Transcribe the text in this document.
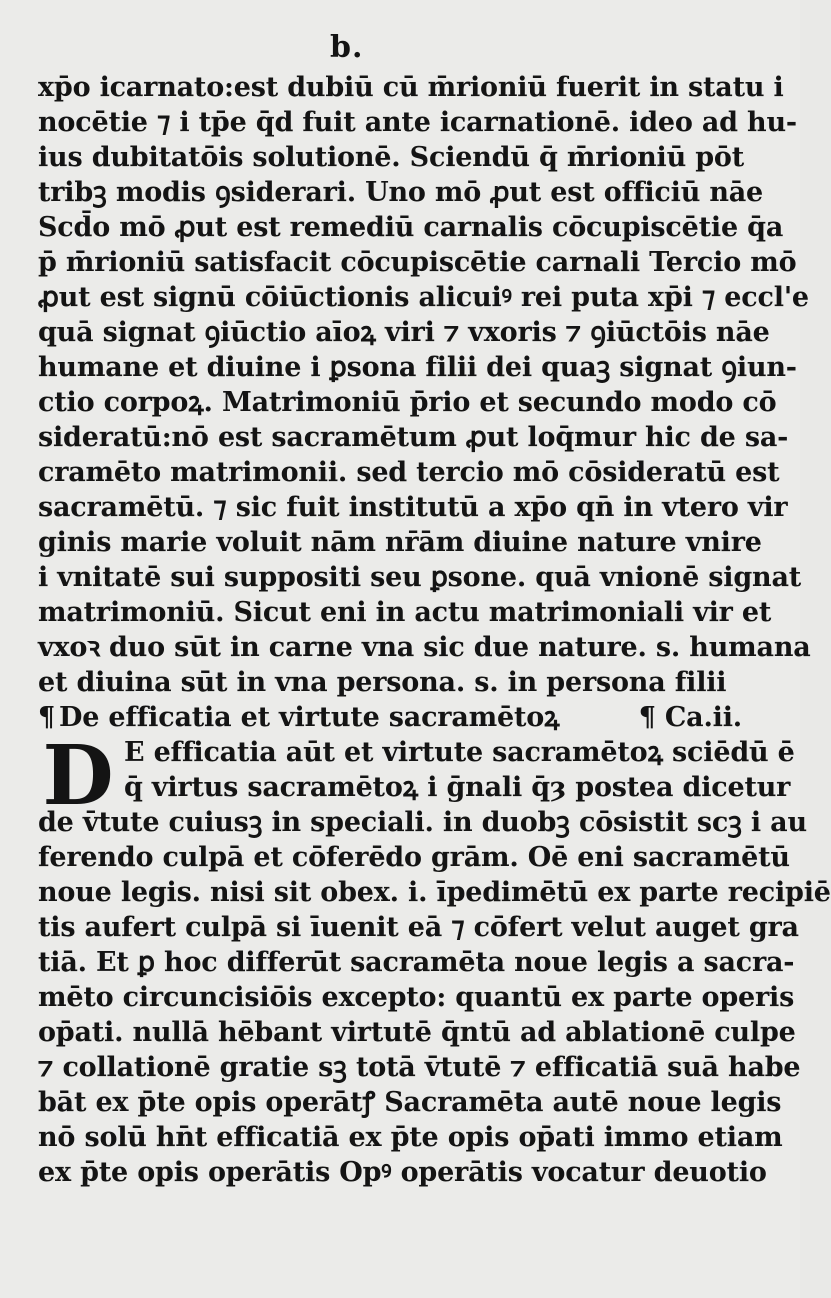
b.
xp̄o icarnato:est dubiū cū m̄rioniū fuerit in statu i
nocētie ⁊ i tp̄e q̄d fuit ante icarnationē. ideo ad hu-
ius dubitatōis solutionē. Sciendū q̄ m̄rioniū pōt
tribꝫ modis ꝯsiderari. Uno mō ꝓut est officiū nāe
Scd̄o mō ꝓut est remediū carnalis cōcupiscētie q̄a
p̄ m̄rioniū satisfacit cōcupiscētie carnali Tercio mō
ꝓut est signū cōiūctionis alicuiꝰ rei puta xp̄i ⁊ eccl'e
quā signat ꝯiūctio aīoꝝ viri ⁊ vxoris ⁊ ꝯiūctōis nāe
humane et diuine i ꝑsona filii dei quaꝫ signat ꝯiun-
ctio corpoꝝ. Matrimoniū p̄rio et secundo modo cō
sideratū:nō est sacramētum ꝓut loq̄mur hic de sa-
cramēto matrimonii. sed tercio mō cōsideratū est
sacramētū. ⁊ sic fuit institutū a xp̄o qn̄ in vtero vir
ginis marie voluit nām nr̄ām diuine nature vnire
i vnitatē sui suppositi seu ꝑsone. quā vnionē signat
matrimoniū. Sicut eni in actu matrimoniali vir et
vxoꝛ duo sūt in carne vna sic due nature. s. humana
et diuina sūt in vna persona. s. in persona filii
¶ De efficatia et virtute sacramētoꝝ	¶ Ca.ii.
D E efficatia aūt et virtute sacramētoꝝ sciēdū ē
q̄ virtus sacramētoꝝ i ḡnali q̄ȝ postea dicetur
de v̄tute cuiusꝫ in speciali. in duobꝫ cōsistit scꝫ i au
ferendo culpā et cōferēdo grām. Oē eni sacramētū
noue legis. nisi sit obex. i. īpedimētū ex parte recipiē
tis aufert culpā si īuenit eā ⁊ cōfert velut auget gra
tiā. Et ꝑ hoc differūt sacramēta noue legis a sacra-
mēto circuncisiōis excepto: quantū ex parte operis
op̄ati. nullā hēbant virtutē q̄ntū ad ablationē culpe
⁊ collationē gratie sꝫ totā v̄tutē ⁊ efficatiā suā habe
bāt ex p̄te opis operātꝭ Sacramēta autē noue legis
nō solū hn̄t efficatiā ex p̄te opis op̄ati immo etiam
ex p̄te opis operātis Opꝰ operātis vocatur deuotio
